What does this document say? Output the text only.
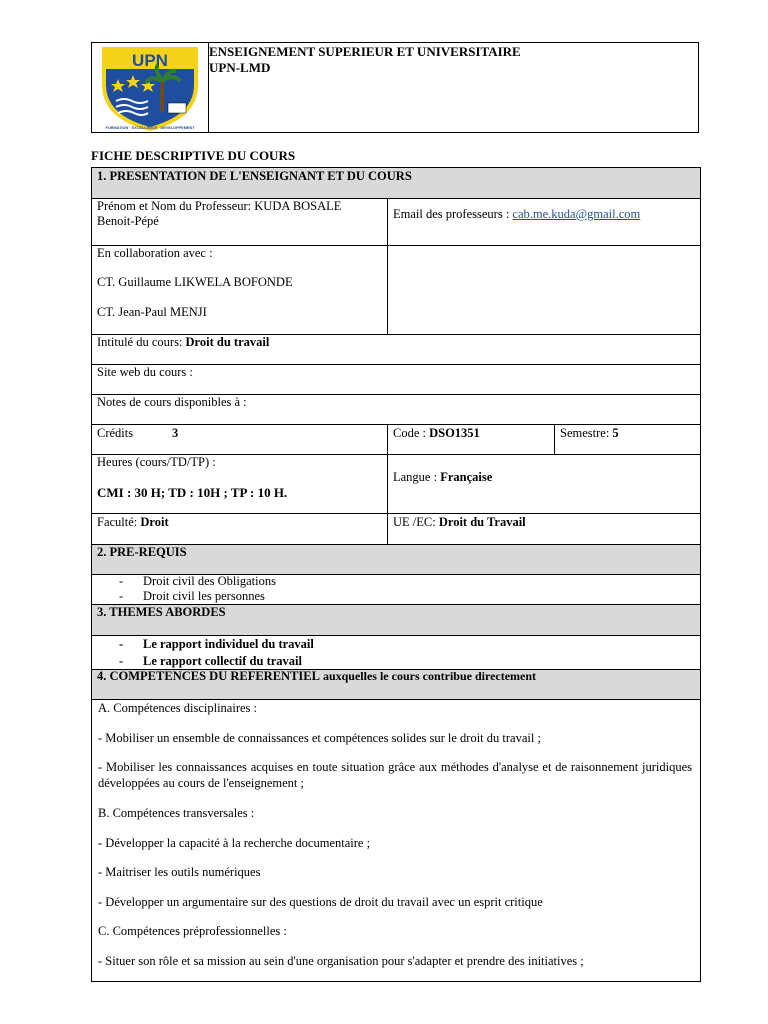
UPN
FORMATION · EXCELLENCE · DEVELOPPEMENT
ENSEIGNEMENT SUPERIEUR ET UNIVERSITAIRE
UPN-LMD
FICHE DESCRIPTIVE DU COURS
1. PRESENTATION DE L'ENSEIGNANT ET DU COURS
Prénom et Nom du Professeur: KUDA BOSALE
Benoit-Pépé	Email des professeurs : cab.me.kuda@gmail.com
En collaboration avec :
CT. Guillaume LIKWELA BOFONDE
CT. Jean-Paul MENJI
Intitulé du cours: Droit du travail
Site web du cours :
Notes de cours disponibles à :
Crédits	3	Code : DSO1351	Semestre: 5
Heures (cours/TD/TP) :
CMI : 30 H; TD : 10H ; TP : 10 H.
Langue : Française
Faculté: Droit	UE /EC: Droit du Travail
2. PRE-REQUIS
- Droit civil des Obligations
- Droit civil les personnes
3. THEMES ABORDES
- Le rapport individuel du travail
- Le rapport collectif du travail
4. COMPETENCES DU REFERENTIEL auxquelles le cours contribue directement
A. Compétences disciplinaires :
- Mobiliser un ensemble de connaissances et compétences solides sur le droit du travail ;
- Mobiliser les connaissances acquises en toute situation grâce aux méthodes d'analyse et de raisonnement juridiques développées au cours de l'enseignement ;
B. Compétences transversales :
- Développer la capacité à la recherche documentaire ;
- Maitriser les outils numériques
- Développer un argumentaire sur des questions de droit du travail avec un esprit critique
C. Compétences préprofessionnelles :
- Situer son rôle et sa mission au sein d'une organisation pour s'adapter et prendre des initiatives ;
